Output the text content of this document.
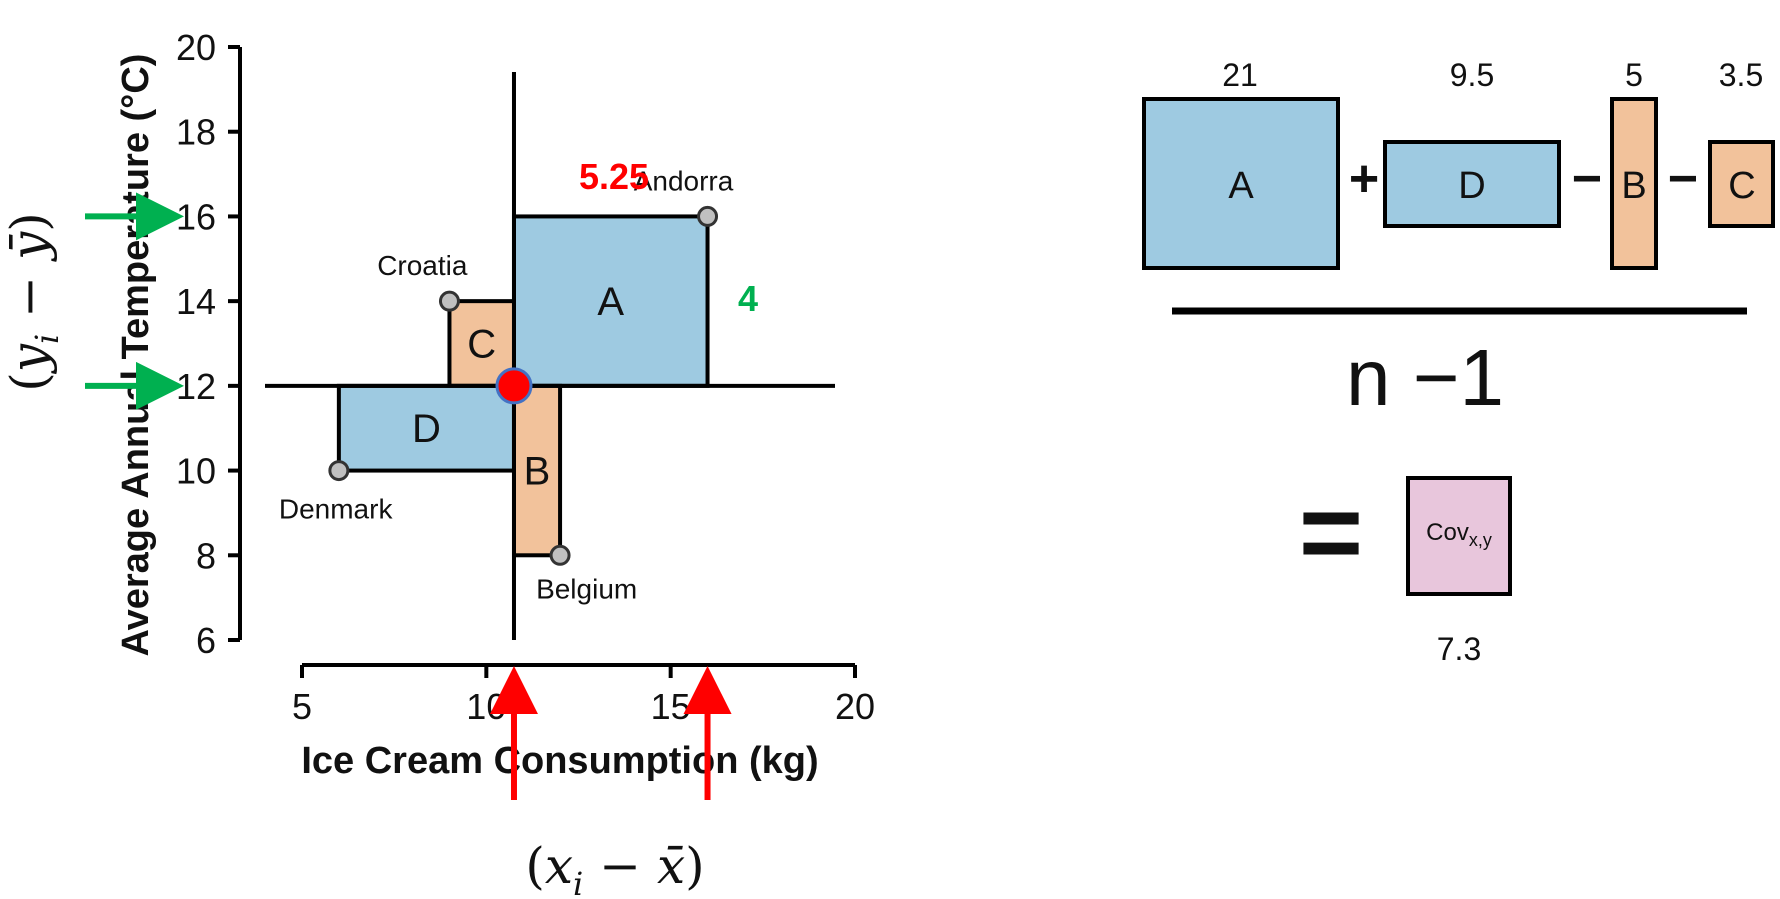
A
C
D
B
5	10	15	20
6
8
10
12
14
16
18
20
Andorra
Croatia
Denmark
Belgium
Ice Cream Consumption (kg)
Average Annual Temperature (°C)	5.25
4
($x_i$ − x̄)
($y_i$ − ȳ)
21	9.5	5 3.5
A + D − B − C
n −1
=	Cov$_{x,y}$
7.3
